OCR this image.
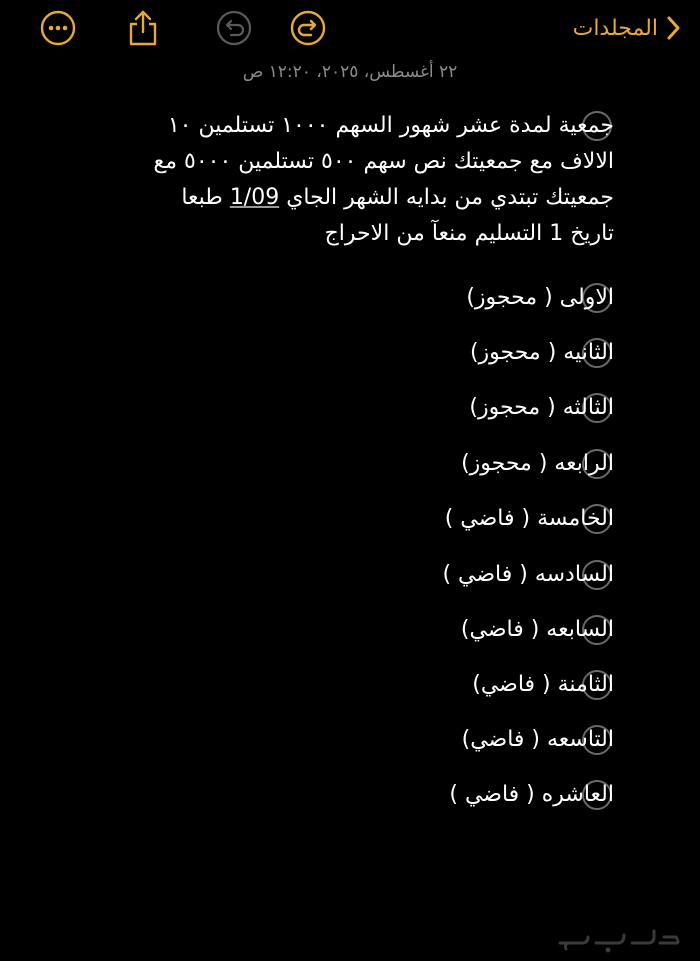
المجلدات
٢٢ أغسطس، ٢٠٢٥، ١٢:٢٠ ص
جمعية لمدة عشر شهور السهم ١٠٠٠ تستلمين ١٠
الالاف مع جمعيتك نص سهم ٥٠٠ تستلمين ٥٠٠٠ مع
جمعيتك تبتدي من بدايه الشهر الجاي 1/09 طبعا
تاريخ 1 التسليم منعآ من الاحراج
الاولى ( محجوز)
الثانيه ( محجوز)
الثالثه ( محجوز)
الرابعه ( محجوز)
الخامسة ( فاضي )
السادسه ( فاضي )
السابعه ( فاضي)
الثامنة ( فاضي)
التاسعه ( فاضي)
العاشره ( فاضي )
